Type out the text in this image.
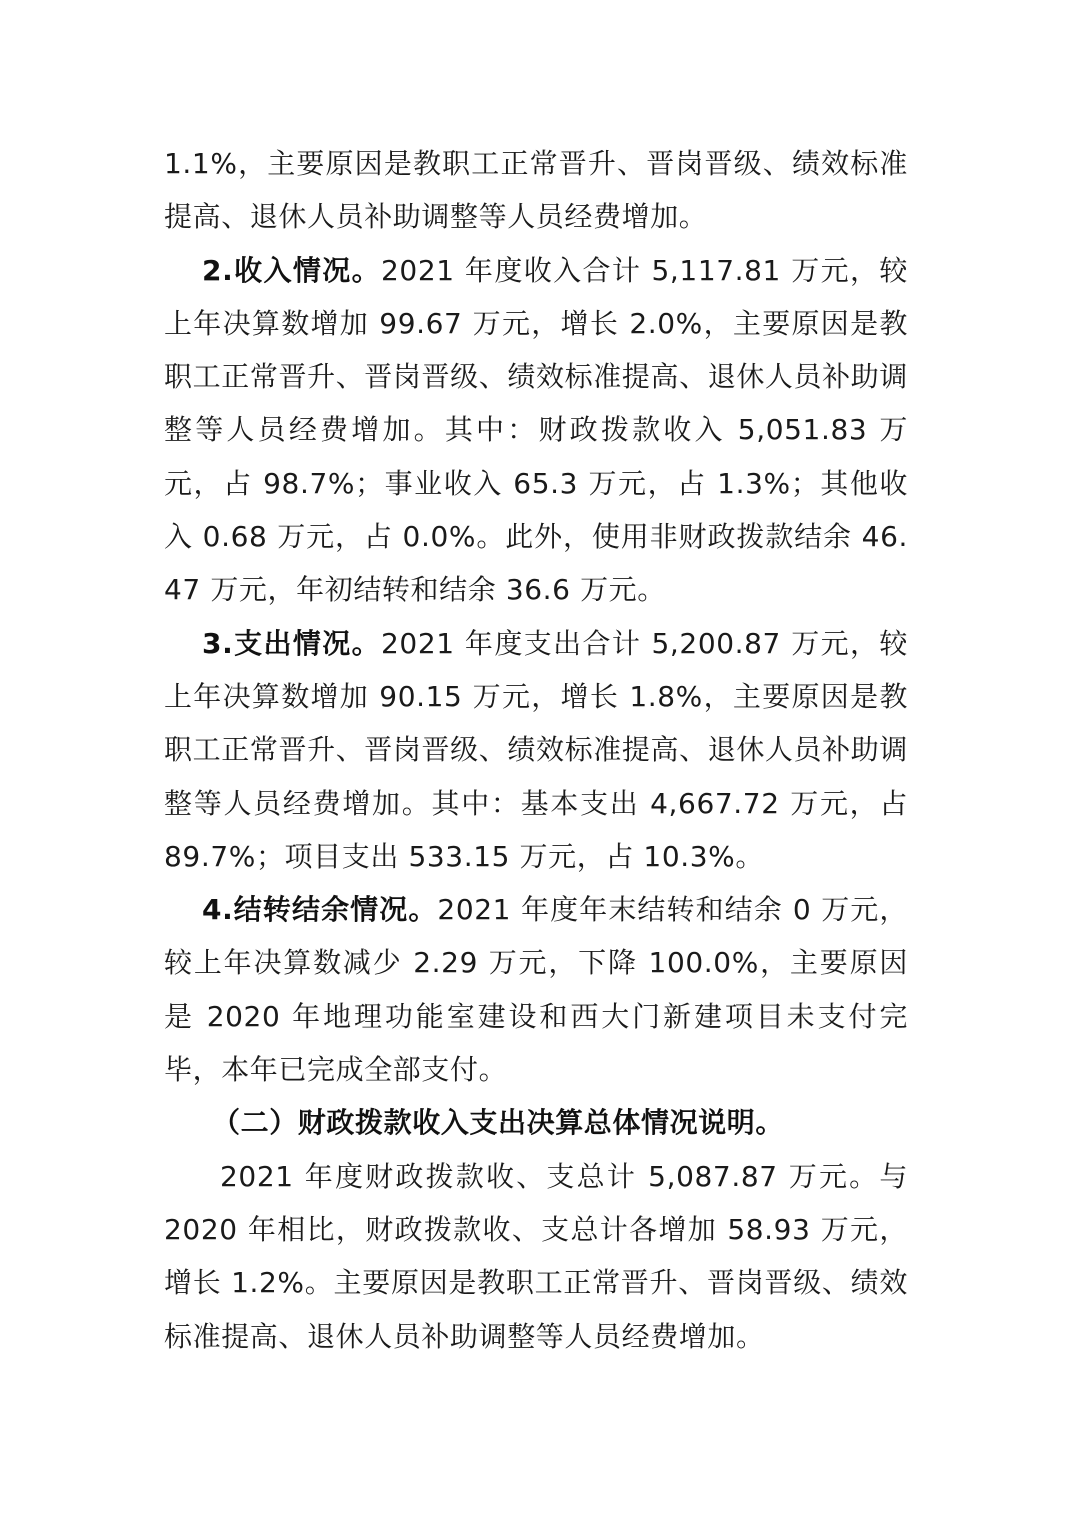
1.1%，主要原因是教职工正常晋升、晋岗晋级、绩效标准提高、退休人员补助调整等人员经费增加。

2.收入情况。2021 年度收入合计 5,117.81 万元，较上年决算数增加 99.67 万元，增长 2.0%，主要原因是教职工正常晋升、晋岗晋级、绩效标准提高、退休人员补助调整等人员经费增加。其中：财政拨款收入 5,051.83 万元，占 98.7%；事业收入 65.3 万元，占 1.3%；其他收入 0.68 万元，占 0.0%。此外，使用非财政拨款结余 46.47 万元，年初结转和结余 36.6 万元。

3.支出情况。2021 年度支出合计 5,200.87 万元，较上年决算数增加 90.15 万元，增长 1.8%，主要原因是教职工正常晋升、晋岗晋级、绩效标准提高、退休人员补助调整等人员经费增加。其中：基本支出 4,667.72 万元，占 89.7%；项目支出 533.15 万元，占 10.3%。

4.结转结余情况。2021 年度年末结转和结余 0 万元，较上年决算数减少 2.29 万元，下降 100.0%，主要原因是 2020 年地理功能室建设和西大门新建项目未支付完毕，本年已完成全部支付。

（二）财政拨款收入支出决算总体情况说明。

2021 年度财政拨款收、支总计 5,087.87 万元。与 2020 年相比，财政拨款收、支总计各增加 58.93 万元，增长 1.2%。主要原因是教职工正常晋升、晋岗晋级、绩效标准提高、退休人员补助调整等人员经费增加。
